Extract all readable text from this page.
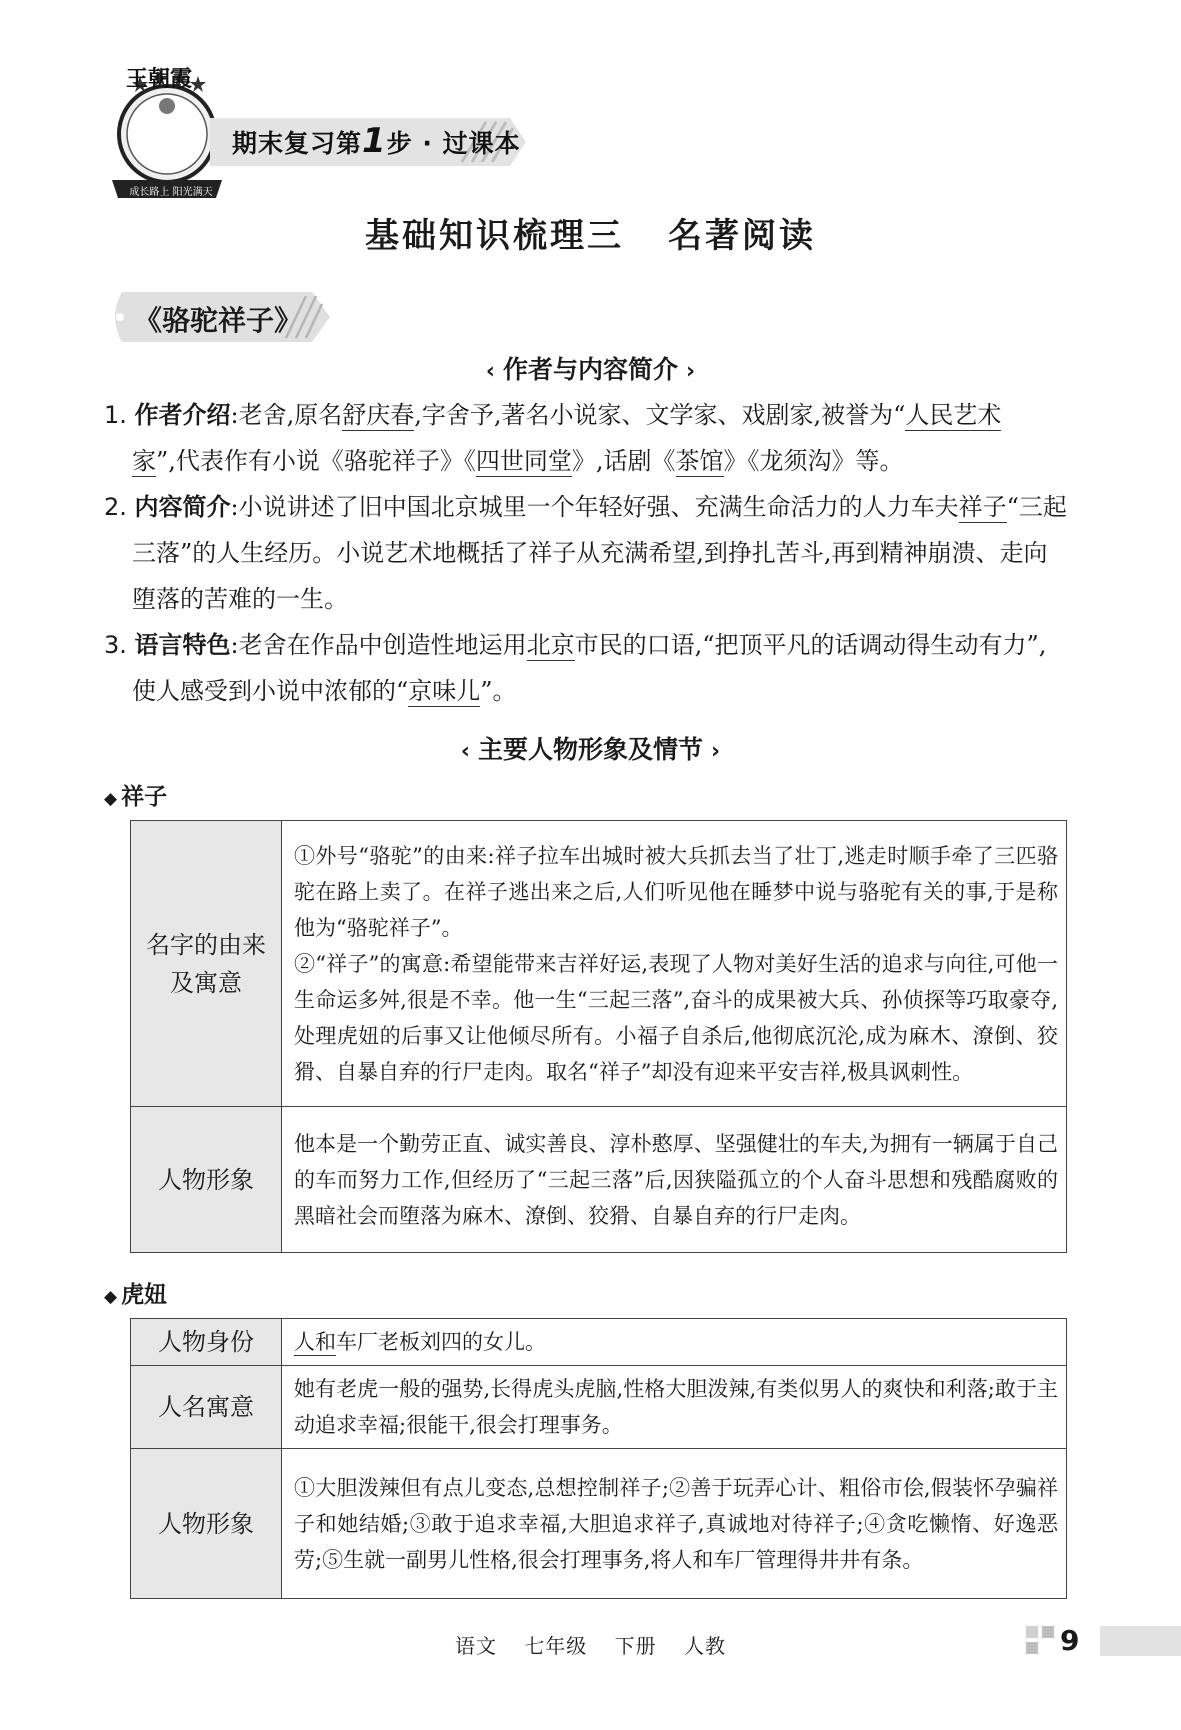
王朝霞
成长路上 阳光满天
期末复习第1步 · 过课本
基础知识梳理三 名著阅读
《骆驼祥子》
‹ 作者与内容简介 ›
1. 作者介绍:老舍,原名舒庆春,字舍予,著名小说家、文学家、戏剧家,被誉为“人民艺术
家”,代表作有小说《骆驼祥子》《四世同堂》,话剧《茶馆》《龙须沟》等。
2. 内容简介:小说讲述了旧中国北京城里一个年轻好强、充满生命活力的人力车夫祥子“三起三落”的人生经历。小说艺术地概括了祥子从充满希望,到挣扎苦斗,再到精神崩溃、走向堕落的苦难的一生。
3. 语言特色:老舍在作品中创造性地运用北京市民的口语,“把顶平凡的话调动得生动有力”,使人感受到小说中浓郁的“京味儿”。
‹ 主要人物形象及情节 ›
◆ 祥子
名字的由来及寓意	①外号“骆驼”的由来:祥子拉车出城时被大兵抓去当了壮丁,逃走时顺手牵了三匹骆驼在路上卖了。在祥子逃出来之后,人们听见他在睡梦中说与骆驼有关的事,于是称他为“骆驼祥子”。
②“祥子”的寓意:希望能带来吉祥好运,表现了人物对美好生活的追求与向往,可他一生命运多舛,很是不幸。他一生“三起三落”,奋斗的成果被大兵、孙侦探等巧取豪夺,处理虎妞的后事又让他倾尽所有。小福子自杀后,他彻底沉沦,成为麻木、潦倒、狡猾、自暴自弃的行尸走肉。取名“祥子”却没有迎来平安吉祥,极具讽刺性。

人物形象	他本是一个勤劳正直、诚实善良、淳朴憨厚、坚强健壮的车夫,为拥有一辆属于自己的车而努力工作,但经历了“三起三落”后,因狭隘孤立的个人奋斗思想和残酷腐败的黑暗社会而堕落为麻木、潦倒、狡猾、自暴自弃的行尸走肉。
◆ 虎妞
人物身份	人和车厂老板刘四的女儿。
人名寓意	她有老虎一般的强势,长得虎头虎脑,性格大胆泼辣,有类似男人的爽快和利落;敢于主动追求幸福;很能干,很会打理事务。
人物形象	①大胆泼辣但有点儿变态,总想控制祥子;②善于玩弄心计、粗俗市侩,假装怀孕骗祥子和她结婚;③敢于追求幸福,大胆追求祥子,真诚地对待祥子;④贪吃懒惰、好逸恶劳;⑤生就一副男儿性格,很会打理事务,将人和车厂管理得井井有条。
语文 七年级 下册 人教	9
